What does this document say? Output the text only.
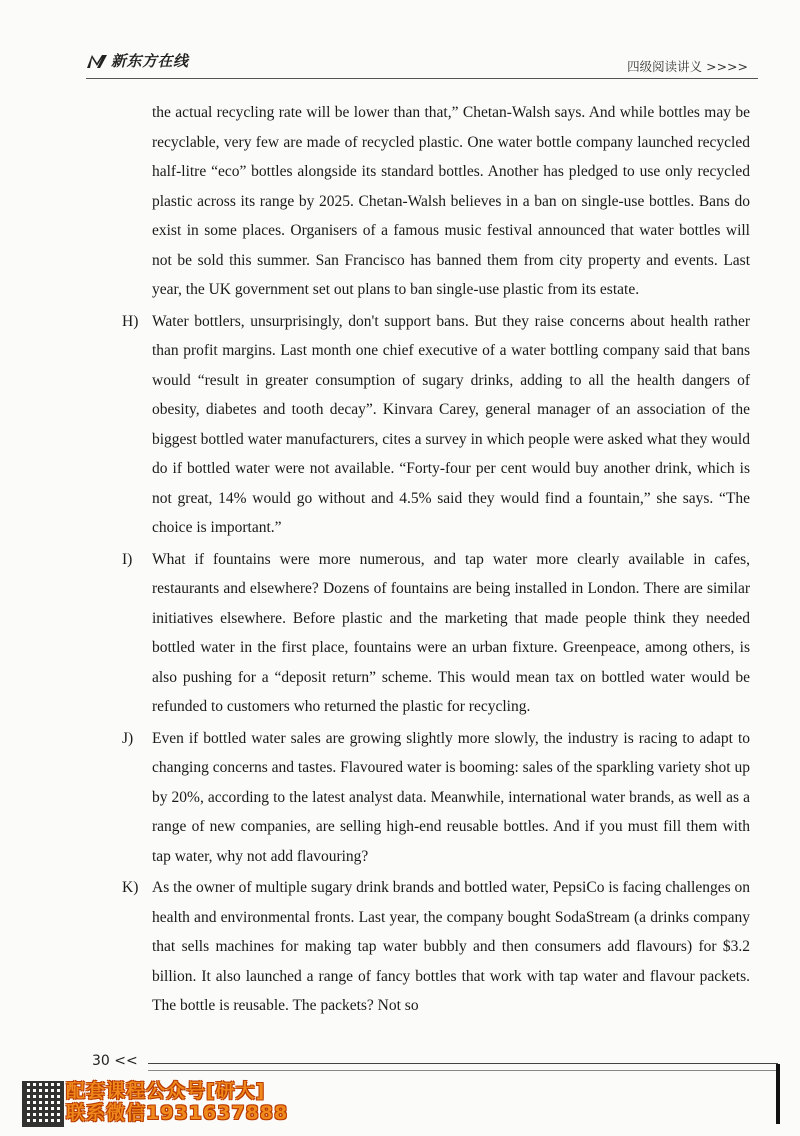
新东方在线	四级阅读讲义 >>>>

the actual recycling rate will be lower than that,” Chetan-Walsh says. And while bottles may be recyclable, very few are made of recycled plastic. One water bottle company launched recycled half-litre “eco” bottles alongside its standard bottles. Another has pledged to use only recycled plastic across its range by 2025. Chetan-Walsh believes in a ban on single-use bottles. Bans do exist in some places. Organisers of a famous music festival announced that water bottles will not be sold this summer. San Francisco has banned them from city property and events. Last year, the UK government set out plans to ban single-use plastic from its estate.

H) Water bottlers, unsurprisingly, don't support bans. But they raise concerns about health rather than profit margins. Last month one chief executive of a water bottling company said that bans would “result in greater consumption of sugary drinks, adding to all the health dangers of obesity, diabetes and tooth decay”. Kinvara Carey, general manager of an association of the biggest bottled water manufacturers, cites a survey in which people were asked what they would do if bottled water were not available. “Forty-four per cent would buy another drink, which is not great, 14% would go without and 4.5% said they would find a fountain,” she says. “The choice is important.”

I) What if fountains were more numerous, and tap water more clearly available in cafes, restaurants and elsewhere? Dozens of fountains are being installed in London. There are similar initiatives elsewhere. Before plastic and the marketing that made people think they needed bottled water in the first place, fountains were an urban fixture. Greenpeace, among others, is also pushing for a “deposit return” scheme. This would mean tax on bottled water would be refunded to customers who returned the plastic for recycling.

J) Even if bottled water sales are growing slightly more slowly, the industry is racing to adapt to changing concerns and tastes. Flavoured water is booming: sales of the sparkling variety shot up by 20%, according to the latest analyst data. Meanwhile, international water brands, as well as a range of new companies, are selling high-end reusable bottles. And if you must fill them with tap water, why not add flavouring?

K) As the owner of multiple sugary drink brands and bottled water, PepsiCo is facing challenges on health and environmental fronts. Last year, the company bought SodaStream (a drinks company that sells machines for making tap water bubbly and then consumers add flavours) for $3.2 billion. It also launched a range of fancy bottles that work with tap water and flavour packets. The bottle is reusable. The packets? Not so

30 <<
配套课程公众号[研大]
联系微信1931637888
